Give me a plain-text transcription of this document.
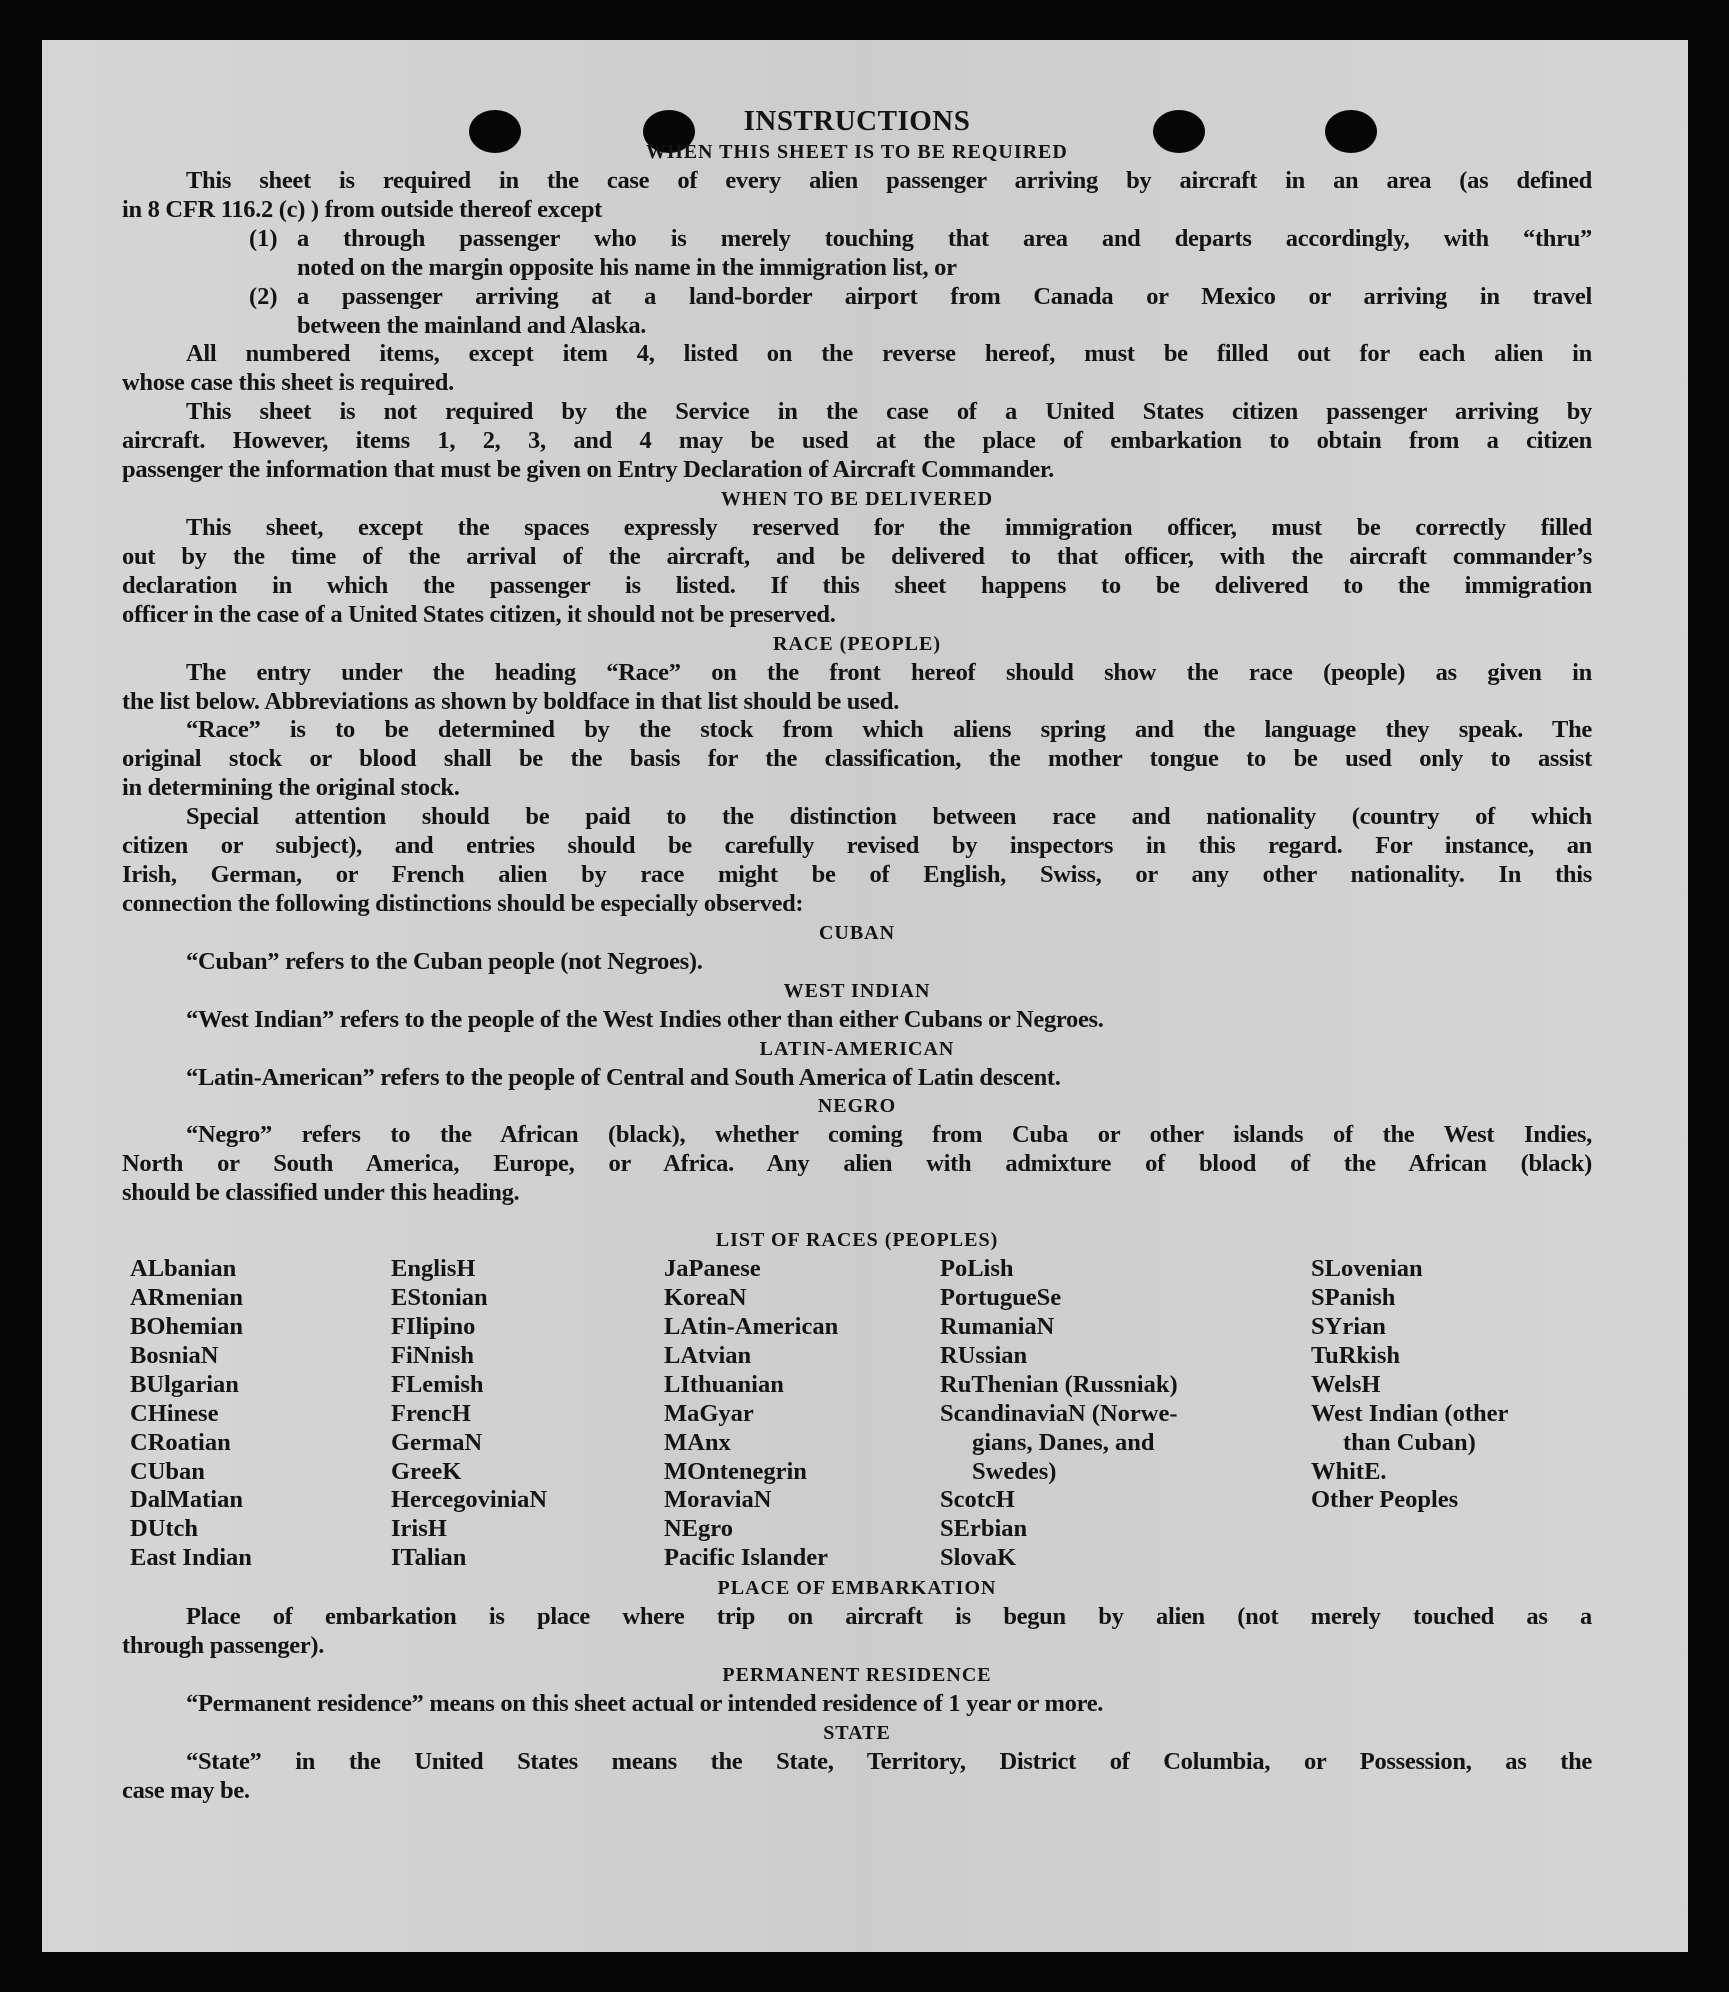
INSTRUCTIONS
WHEN THIS SHEET IS TO BE REQUIRED
This sheet is required in the case of every alien passenger arriving by aircraft in an area (as defined
in 8 CFR 116.2 (c) ) from outside thereof except
(1) a through passenger who is merely touching that area and departs accordingly, with “thru”
noted on the margin opposite his name in the immigration list, or
(2) a passenger arriving at a land-border airport from Canada or Mexico or arriving in travel
between the mainland and Alaska.
All numbered items, except item 4, listed on the reverse hereof, must be filled out for each alien in
whose case this sheet is required.
This sheet is not required by the Service in the case of a United States citizen passenger arriving by
aircraft. However, items 1, 2, 3, and 4 may be used at the place of embarkation to obtain from a citizen
passenger the information that must be given on Entry Declaration of Aircraft Commander.
WHEN TO BE DELIVERED
This sheet, except the spaces expressly reserved for the immigration officer, must be correctly filled
out by the time of the arrival of the aircraft, and be delivered to that officer, with the aircraft commander’s
declaration in which the passenger is listed. If this sheet happens to be delivered to the immigration
officer in the case of a United States citizen, it should not be preserved.
RACE (PEOPLE)
The entry under the heading “Race” on the front hereof should show the race (people) as given in
the list below. Abbreviations as shown by boldface in that list should be used.
“Race” is to be determined by the stock from which aliens spring and the language they speak. The
original stock or blood shall be the basis for the classification, the mother tongue to be used only to assist
in determining the original stock.
Special attention should be paid to the distinction between race and nationality (country of which
citizen or subject), and entries should be carefully revised by inspectors in this regard. For instance, an
Irish, German, or French alien by race might be of English, Swiss, or any other nationality. In this
connection the following distinctions should be especially observed:
CUBAN
“Cuban” refers to the Cuban people (not Negroes).
WEST INDIAN
“West Indian” refers to the people of the West Indies other than either Cubans or Negroes.
LATIN-AMERICAN
“Latin-American” refers to the people of Central and South America of Latin descent.
NEGRO
“Negro” refers to the African (black), whether coming from Cuba or other islands of the West Indies,
North or South America, Europe, or Africa. Any alien with admixture of blood of the African (black)
should be classified under this heading.
LIST OF RACES (PEOPLES)
ALbanian
ARmenian
BOhemian
BosniaN
BUlgarian
CHinese
CRoatian
CUban
DalMatian
DUtch
East Indian
EnglisH
EStonian
FIlipino
FiNnish
FLemish
FrencH
GermaN
GreeK
HercegoviniaN
IrisH
ITalian
JaPanese
KoreaN
LAtin-American
LAtvian
LIthuanian
MaGyar
MAnx
MOntenegrin
MoraviaN
NEgro
Pacific Islander
PoLish
PortugueSe
RumaniaN
RUssian
RuThenian (Russniak)
ScandinaviaN (Norwe-
gians, Danes, and
Swedes)
ScotcH
SErbian
SlovaK
SLovenian
SPanish
SYrian
TuRkish
WelsH
West Indian (other
than Cuban)
WhitE.
Other Peoples
PLACE OF EMBARKATION
Place of embarkation is place where trip on aircraft is begun by alien (not merely touched as a
through passenger).
PERMANENT RESIDENCE
“Permanent residence” means on this sheet actual or intended residence of 1 year or more.
STATE
“State” in the United States means the State, Territory, District of Columbia, or Possession, as the
case may be.
